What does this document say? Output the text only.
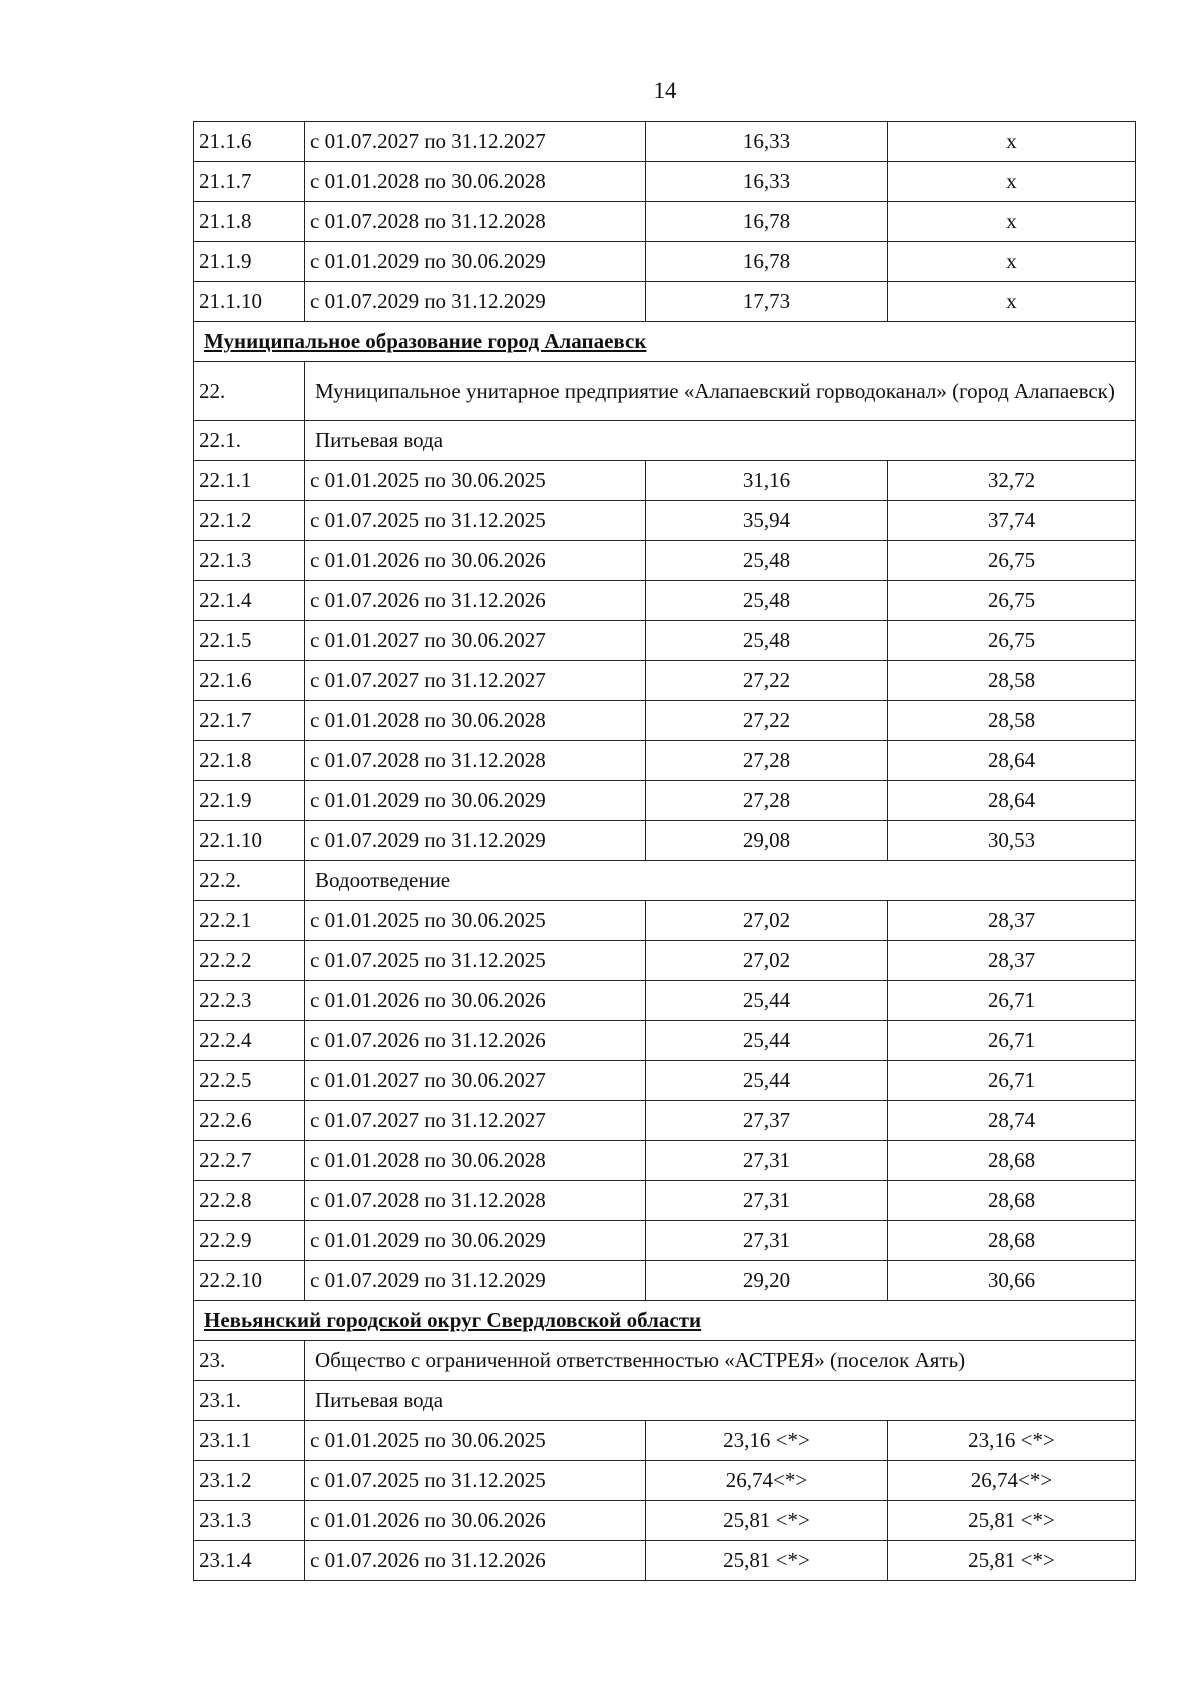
14
21.1.6	с 01.07.2027 по 31.12.2027	16,33	х
21.1.7	с 01.01.2028 по 30.06.2028	16,33	х
21.1.8	с 01.07.2028 по 31.12.2028	16,78	х
21.1.9	с 01.01.2029 по 30.06.2029	16,78	х
21.1.10	с 01.07.2029 по 31.12.2029	17,73	х
Муниципальное образование город Алапаевск			
22.	Муниципальное унитарное предприятие «Алапаевский горводоканал» (город Алапаевск)		
22.1.	Питьевая вода		
22.1.1	с 01.01.2025 по 30.06.2025	31,16	32,72
22.1.2	с 01.07.2025 по 31.12.2025	35,94	37,74
22.1.3	с 01.01.2026 по 30.06.2026	25,48	26,75
22.1.4	с 01.07.2026 по 31.12.2026	25,48	26,75
22.1.5	с 01.01.2027 по 30.06.2027	25,48	26,75
22.1.6	с 01.07.2027 по 31.12.2027	27,22	28,58
22.1.7	с 01.01.2028 по 30.06.2028	27,22	28,58
22.1.8	с 01.07.2028 по 31.12.2028	27,28	28,64
22.1.9	с 01.01.2029 по 30.06.2029	27,28	28,64
22.1.10	с 01.07.2029 по 31.12.2029	29,08	30,53
22.2.	Водоотведение		
22.2.1	с 01.01.2025 по 30.06.2025	27,02	28,37
22.2.2	с 01.07.2025 по 31.12.2025	27,02	28,37
22.2.3	с 01.01.2026 по 30.06.2026	25,44	26,71
22.2.4	с 01.07.2026 по 31.12.2026	25,44	26,71
22.2.5	с 01.01.2027 по 30.06.2027	25,44	26,71
22.2.6	с 01.07.2027 по 31.12.2027	27,37	28,74
22.2.7	с 01.01.2028 по 30.06.2028	27,31	28,68
22.2.8	с 01.07.2028 по 31.12.2028	27,31	28,68
22.2.9	с 01.01.2029 по 30.06.2029	27,31	28,68
22.2.10	с 01.07.2029 по 31.12.2029	29,20	30,66
Невьянский городской округ Свердловской области			
23.	Общество с ограниченной ответственностью «АСТРЕЯ» (поселок Аять)		
23.1.	Питьевая вода		
23.1.1	с 01.01.2025 по 30.06.2025	23,16 <*>	23,16 <*>
23.1.2	с 01.07.2025 по 31.12.2025	26,74<*>	26,74<*>
23.1.3	с 01.01.2026 по 30.06.2026	25,81 <*>	25,81 <*>
23.1.4	с 01.07.2026 по 31.12.2026	25,81 <*>	25,81 <*>
